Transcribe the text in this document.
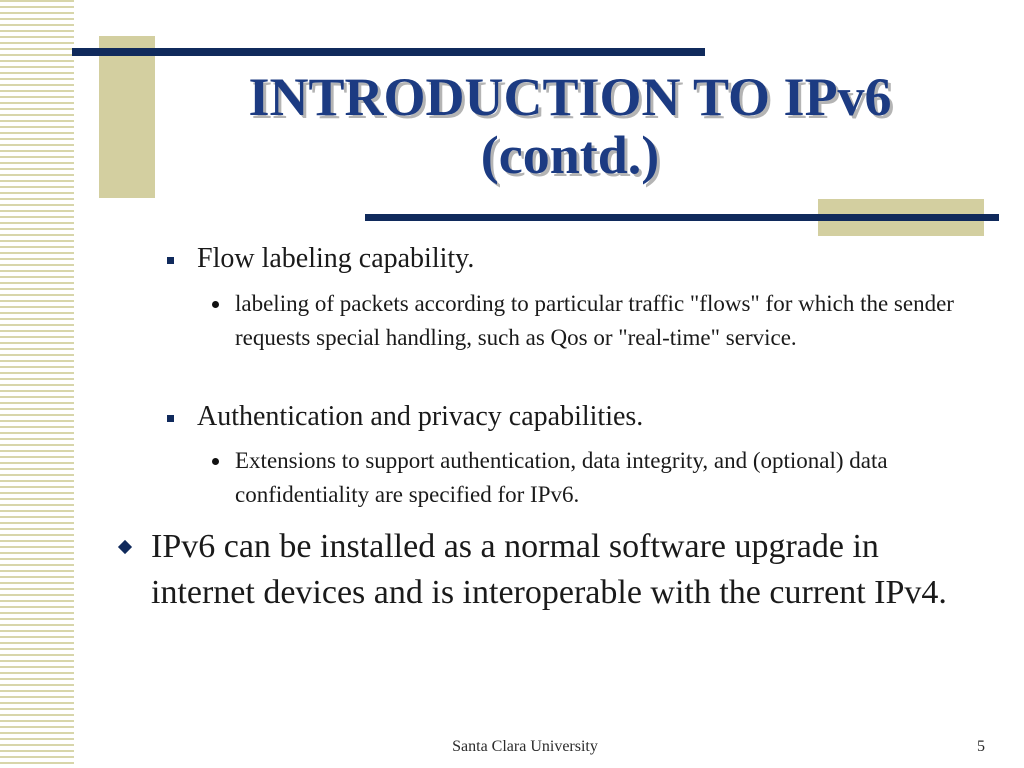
INTRODUCTION TO IPv6
(contd.)
Flow labeling capability.
labeling of packets according to particular traffic "flows" for which the sender requests special handling, such as Qos or "real-time" service.
Authentication and privacy capabilities.
Extensions to support authentication, data integrity, and (optional) data confidentiality are specified for IPv6.
IPv6 can be installed as a normal software upgrade in internet devices and is interoperable with the current IPv4.
Santa Clara University	5
